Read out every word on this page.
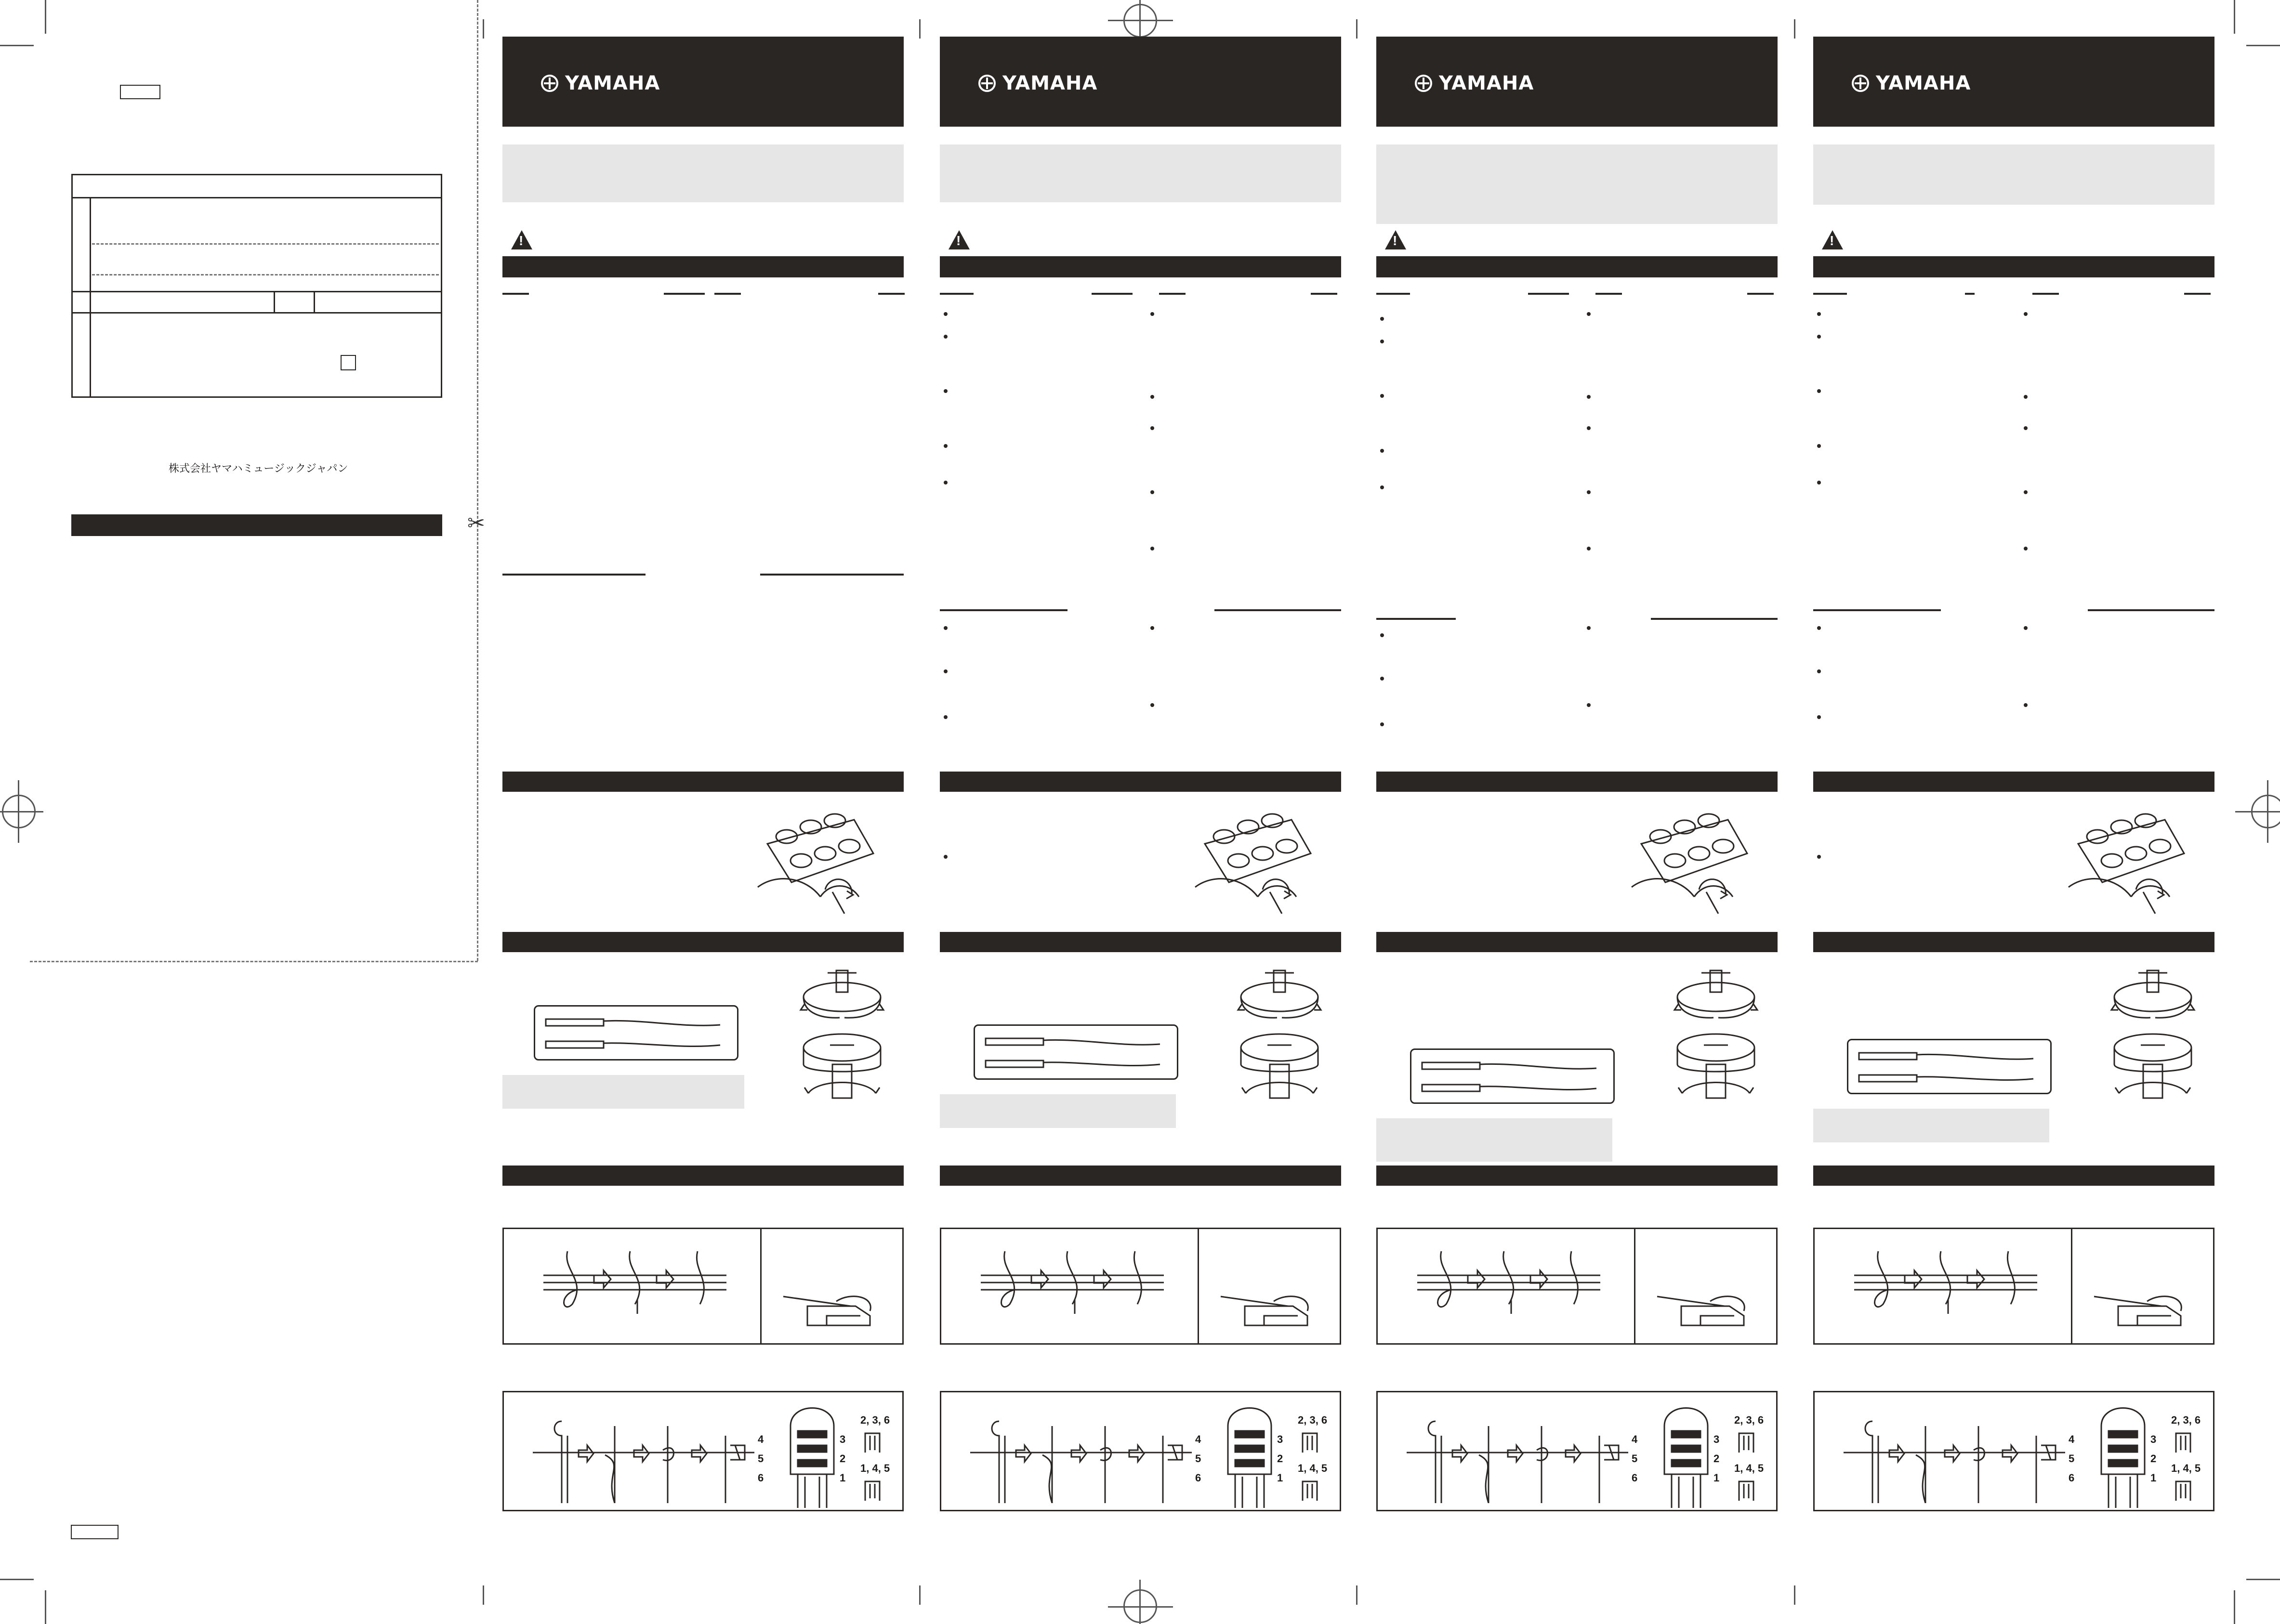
株式会社ヤマハミュージックジャパン
✂
YAMAHA
!
4
5
6
3
2
1
2, 3, 6
1, 4, 5
YAMAHA
!
4
5
6
3
2
1
2, 3, 6
1, 4, 5
YAMAHA
!
4
5
6
3
2
1
2, 3, 6
1, 4, 5
YAMAHA
!
4
5
6
3
2
1
2, 3, 6
1, 4, 5
